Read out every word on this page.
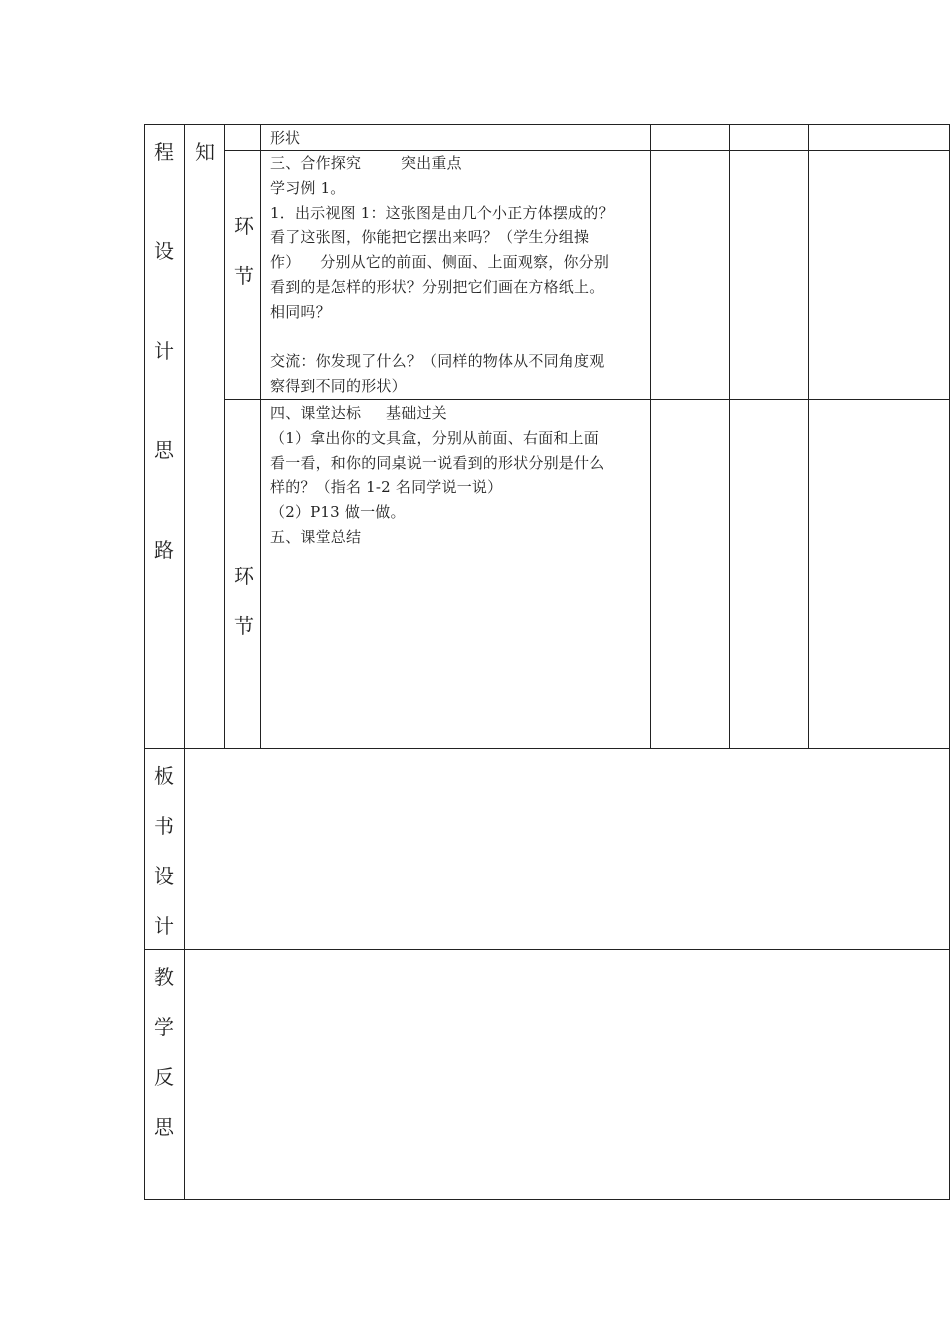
程
设
计
思
路
知
环
节
环
节

形状

三、合作探究        突出重点

学习例 1。

1．出示视图 1：这张图是由几个小正方体摆成的？

看了这张图，你能把它摆出来吗？（学生分组操

作）    分别从它的前面、侧面、上面观察，你分别

看到的是怎样的形状？分别把它们画在方格纸上。

相同吗？

交流：你发现了什么？（同样的物体从不同角度观

察得到不同的形状）

四、课堂达标     基础过关

（1）拿出你的文具盒，分别从前面、右面和上面

看一看，和你的同桌说一说看到的形状分别是什么

样的？（指名 1-2 名同学说一说）

（2）P13 做一做。

五、课堂总结

板
书
设
计
教
学
反
思
